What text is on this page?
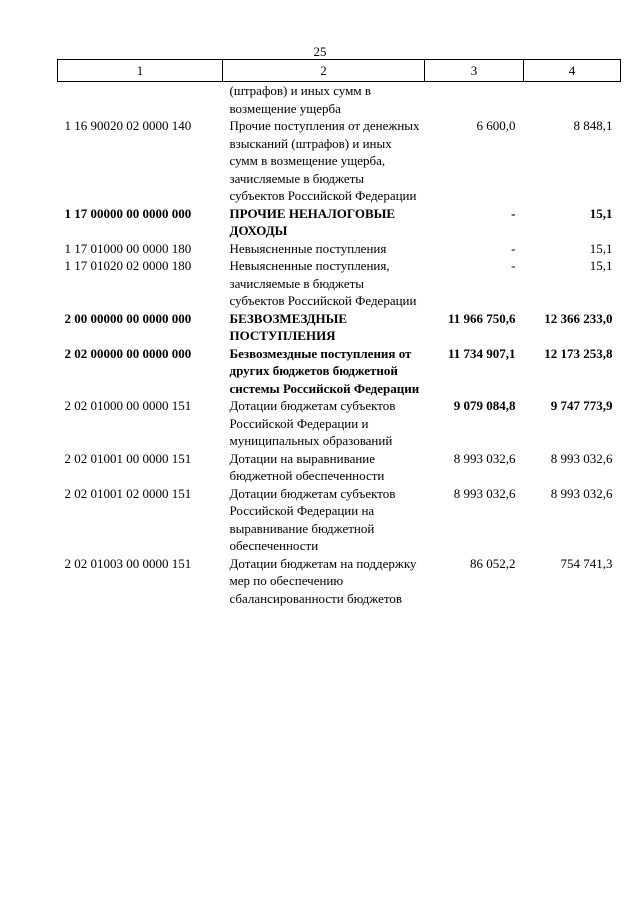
25
1	2	3	4
	(штрафов) и иных сумм в возмещение ущерба		
1 16 90020 02 0000 140	Прочие поступления от денежных взысканий (штрафов) и иных сумм в возмещение ущерба, зачисляемые в бюджеты субъектов Российской Федерации	6 600,0	8 848,1
1 17 00000 00 0000 000	ПРОЧИЕ НЕНАЛОГОВЫЕ ДОХОДЫ	-	15,1
1 17 01000 00 0000 180	Невыясненные поступления	-	15,1
1 17 01020 02 0000 180	Невыясненные поступления, зачисляемые в бюджеты субъектов Российской Федерации	-	15,1
2 00 00000 00 0000 000	БЕЗВОЗМЕЗДНЫЕ ПОСТУПЛЕНИЯ	11 966 750,6	12 366 233,0
2 02 00000 00 0000 000	Безвозмездные поступления от других бюджетов бюджетной системы Российской Федерации	11 734 907,1	12 173 253,8
2 02 01000 00 0000 151	Дотации бюджетам субъектов Российской Федерации и муниципальных образований	9 079 084,8	9 747 773,9
2 02 01001 00 0000 151	Дотации на выравнивание бюджетной обеспеченности	8 993 032,6	8 993 032,6
2 02 01001 02 0000 151	Дотации бюджетам субъектов Российской Федерации на выравнивание бюджетной обеспеченности	8 993 032,6	8 993 032,6
2 02 01003 00 0000 151	Дотации бюджетам на поддержку мер по обеспечению сбалансированности бюджетов	86 052,2	754 741,3
